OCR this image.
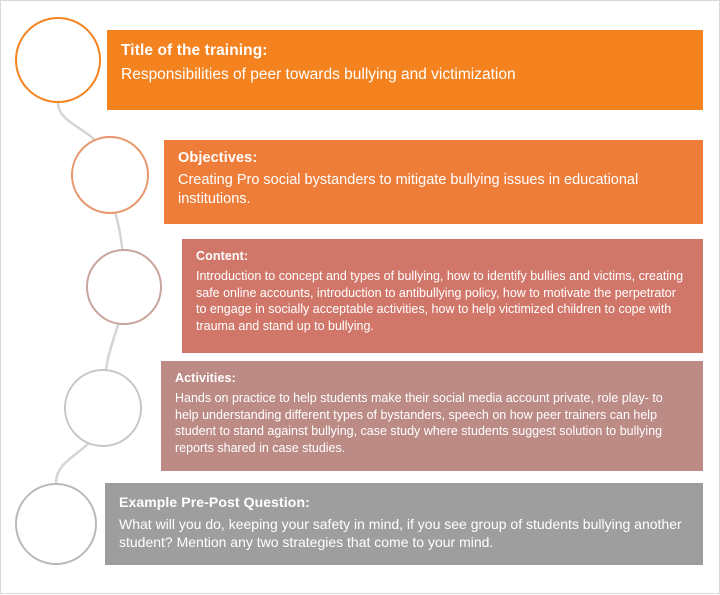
Title of the training:
Responsibilities of peer towards bullying and victimization
Objectives:
Creating Pro social bystanders to mitigate bullying issues in educational institutions.
Content:
Introduction to concept and types of bullying, how to identify bullies and victims, creating safe online accounts, introduction to antibullying policy, how to motivate the perpetrator to engage in socially acceptable activities, how to help victimized children to cope with trauma and stand up to bullying.
Activities:
Hands on practice to help students make their social media account private, role play- to help understanding different types of bystanders, speech on how peer trainers can help student to stand against bullying, case study where students suggest solution to bullying reports shared in case studies.
Example Pre-Post Question:
What will you do, keeping your safety in mind, if you see group of students bullying another student? Mention any two strategies that come to your mind.
